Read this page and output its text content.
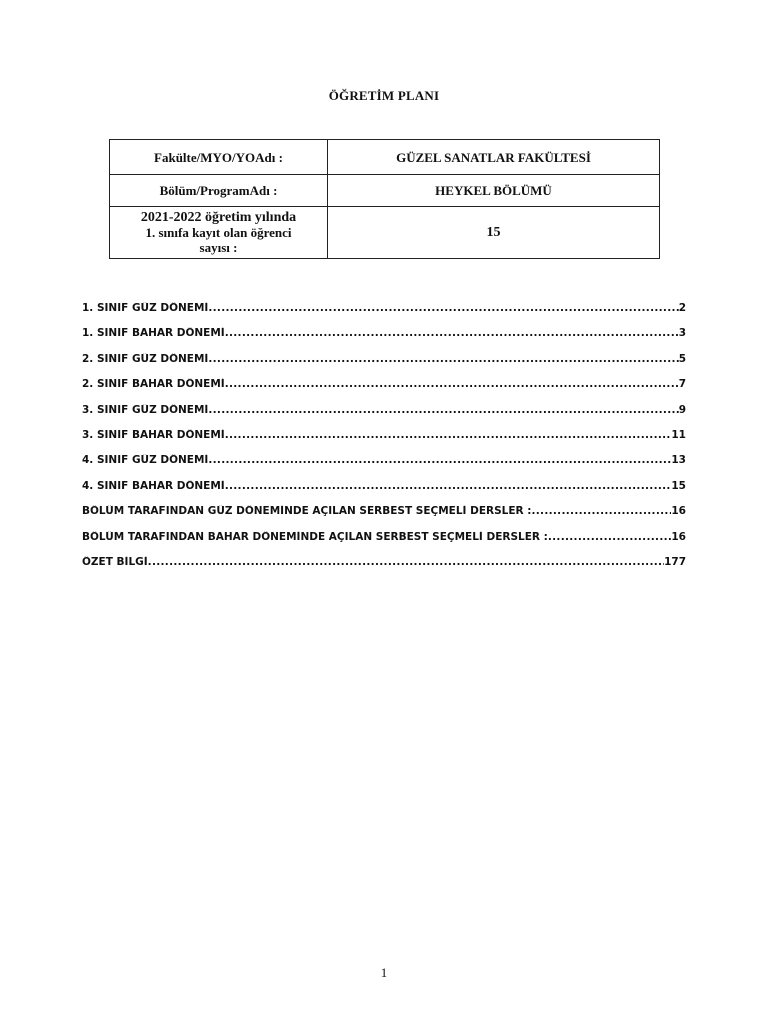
ÖĞRETİM PLANI
Fakülte/MYO/YOAdı :	GÜZEL SANATLAR FAKÜLTESİ
Bölüm/ProgramAdı :	HEYKEL BÖLÜMÜ

2021-2022 öğretim yılında
1. sınıfa kayıt olan öğrenci
sayısı :	15
1. SINIF GÜZ DÖNEMİ .....	2
1. SINIF BAHAR DÖNEMİ .....	3
2. SINIF GÜZ DÖNEMİ .....	5
2. SINIF BAHAR DÖNEMİ .....	7
3. SINIF GÜZ DÖNEMİ .....	9
3. SINIF BAHAR DÖNEMİ .....	11
4. SINIF GÜZ DÖNEMİ .....	13
4. SINIF BAHAR DÖNEMİ .....	15
BÖLÜM TARAFINDAN GÜZ DÖNEMİNDE AÇILAN SERBEST SEÇMELİ DERSLER : .....	16
BÖLÜM TARAFINDAN BAHAR DÖNEMİNDE AÇILAN SERBEST SEÇMELİ DERSLER : .....	16
ÖZET BİLGİ .....	177
1
